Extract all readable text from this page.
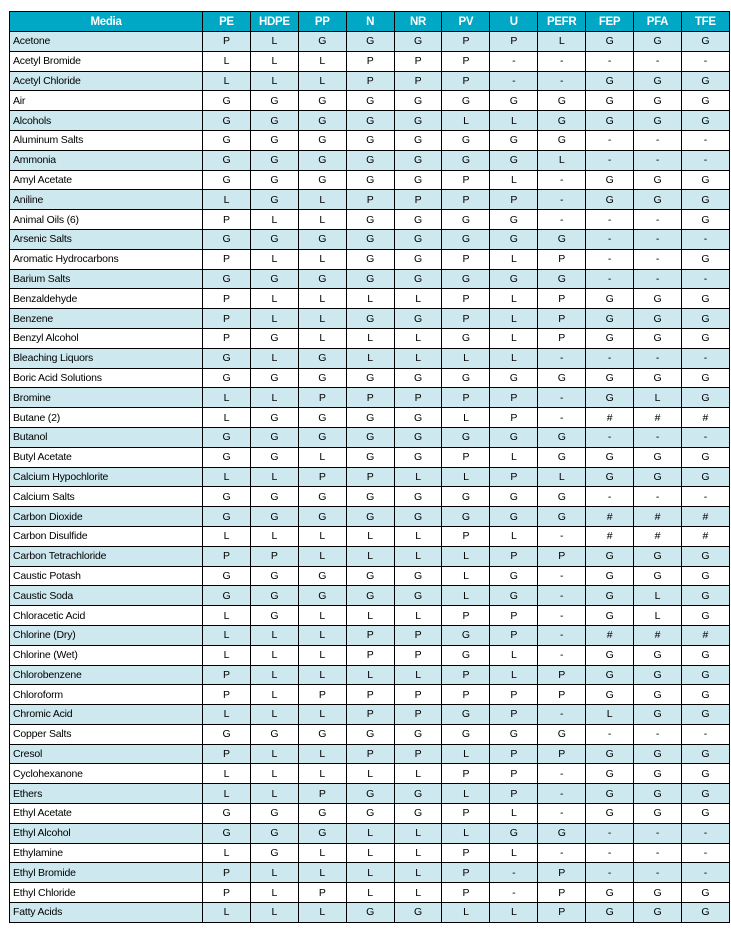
Media	PE	HDPE	PP	N	NR	PV	U	PEFR	FEP	PFA	TFE
Acetone	P	L	G	G	G	P	P	L	G	G	G
Acetyl Bromide	L	L	L	P	P	P	-	-	-	-	-
Acetyl Chloride	L	L	L	P	P	P	-	-	G	G	G
Air	G	G	G	G	G	G	G	G	G	G	G
Alcohols	G	G	G	G	G	L	L	G	G	G	G
Aluminum Salts	G	G	G	G	G	G	G	G	-	-	-
Ammonia	G	G	G	G	G	G	G	L	-	-	-
Amyl Acetate	G	G	G	G	G	P	L	-	G	G	G
Aniline	L	G	L	P	P	P	P	-	G	G	G
Animal Oils (6)	P	L	L	G	G	G	G	-	-	-	G
Arsenic Salts	G	G	G	G	G	G	G	G	-	-	-
Aromatic Hydrocarbons	P	L	L	G	G	P	L	P	-	-	G
Barium Salts	G	G	G	G	G	G	G	G	-	-	-
Benzaldehyde	P	L	L	L	L	P	L	P	G	G	G
Benzene	P	L	L	G	G	P	L	P	G	G	G
Benzyl Alcohol	P	G	L	L	L	G	L	P	G	G	G
Bleaching Liquors	G	L	G	L	L	L	L	-	-	-	-
Boric Acid Solutions	G	G	G	G	G	G	G	G	G	G	G
Bromine	L	L	P	P	P	P	P	-	G	L	G
Butane (2)	L	G	G	G	G	L	P	-	#	#	#
Butanol	G	G	G	G	G	G	G	G	-	-	-
Butyl Acetate	G	G	L	G	G	P	L	G	G	G	G
Calcium Hypochlorite	L	L	P	P	L	L	P	L	G	G	G
Calcium Salts	G	G	G	G	G	G	G	G	-	-	-
Carbon Dioxide	G	G	G	G	G	G	G	G	#	#	#
Carbon Disulfide	L	L	L	L	L	P	L	-	#	#	#
Carbon Tetrachloride	P	P	L	L	L	L	P	P	G	G	G
Caustic Potash	G	G	G	G	G	L	G	-	G	G	G
Caustic Soda	G	G	G	G	G	L	G	-	G	L	G
Chloracetic Acid	L	G	L	L	L	P	P	-	G	L	G
Chlorine (Dry)	L	L	L	P	P	G	P	-	#	#	#
Chlorine (Wet)	L	L	L	P	P	G	L	-	G	G	G
Chlorobenzene	P	L	L	L	L	P	L	P	G	G	G
Chloroform	P	L	P	P	P	P	P	P	G	G	G
Chromic Acid	L	L	L	P	P	G	P	-	L	G	G
Copper Salts	G	G	G	G	G	G	G	G	-	-	-
Cresol	P	L	L	P	P	L	P	P	G	G	G
Cyclohexanone	L	L	L	L	L	P	P	-	G	G	G
Ethers	L	L	P	G	G	L	P	-	G	G	G
Ethyl Acetate	G	G	G	G	G	P	L	-	G	G	G
Ethyl Alcohol	G	G	G	L	L	L	G	G	-	-	-
Ethylamine	L	G	L	L	L	P	L	-	-	-	-
Ethyl Bromide	P	L	L	L	L	P	-	P	-	-	-
Ethyl Chloride	P	L	P	L	L	P	-	P	G	G	G
Fatty Acids	L	L	L	G	G	L	L	P	G	G	G
